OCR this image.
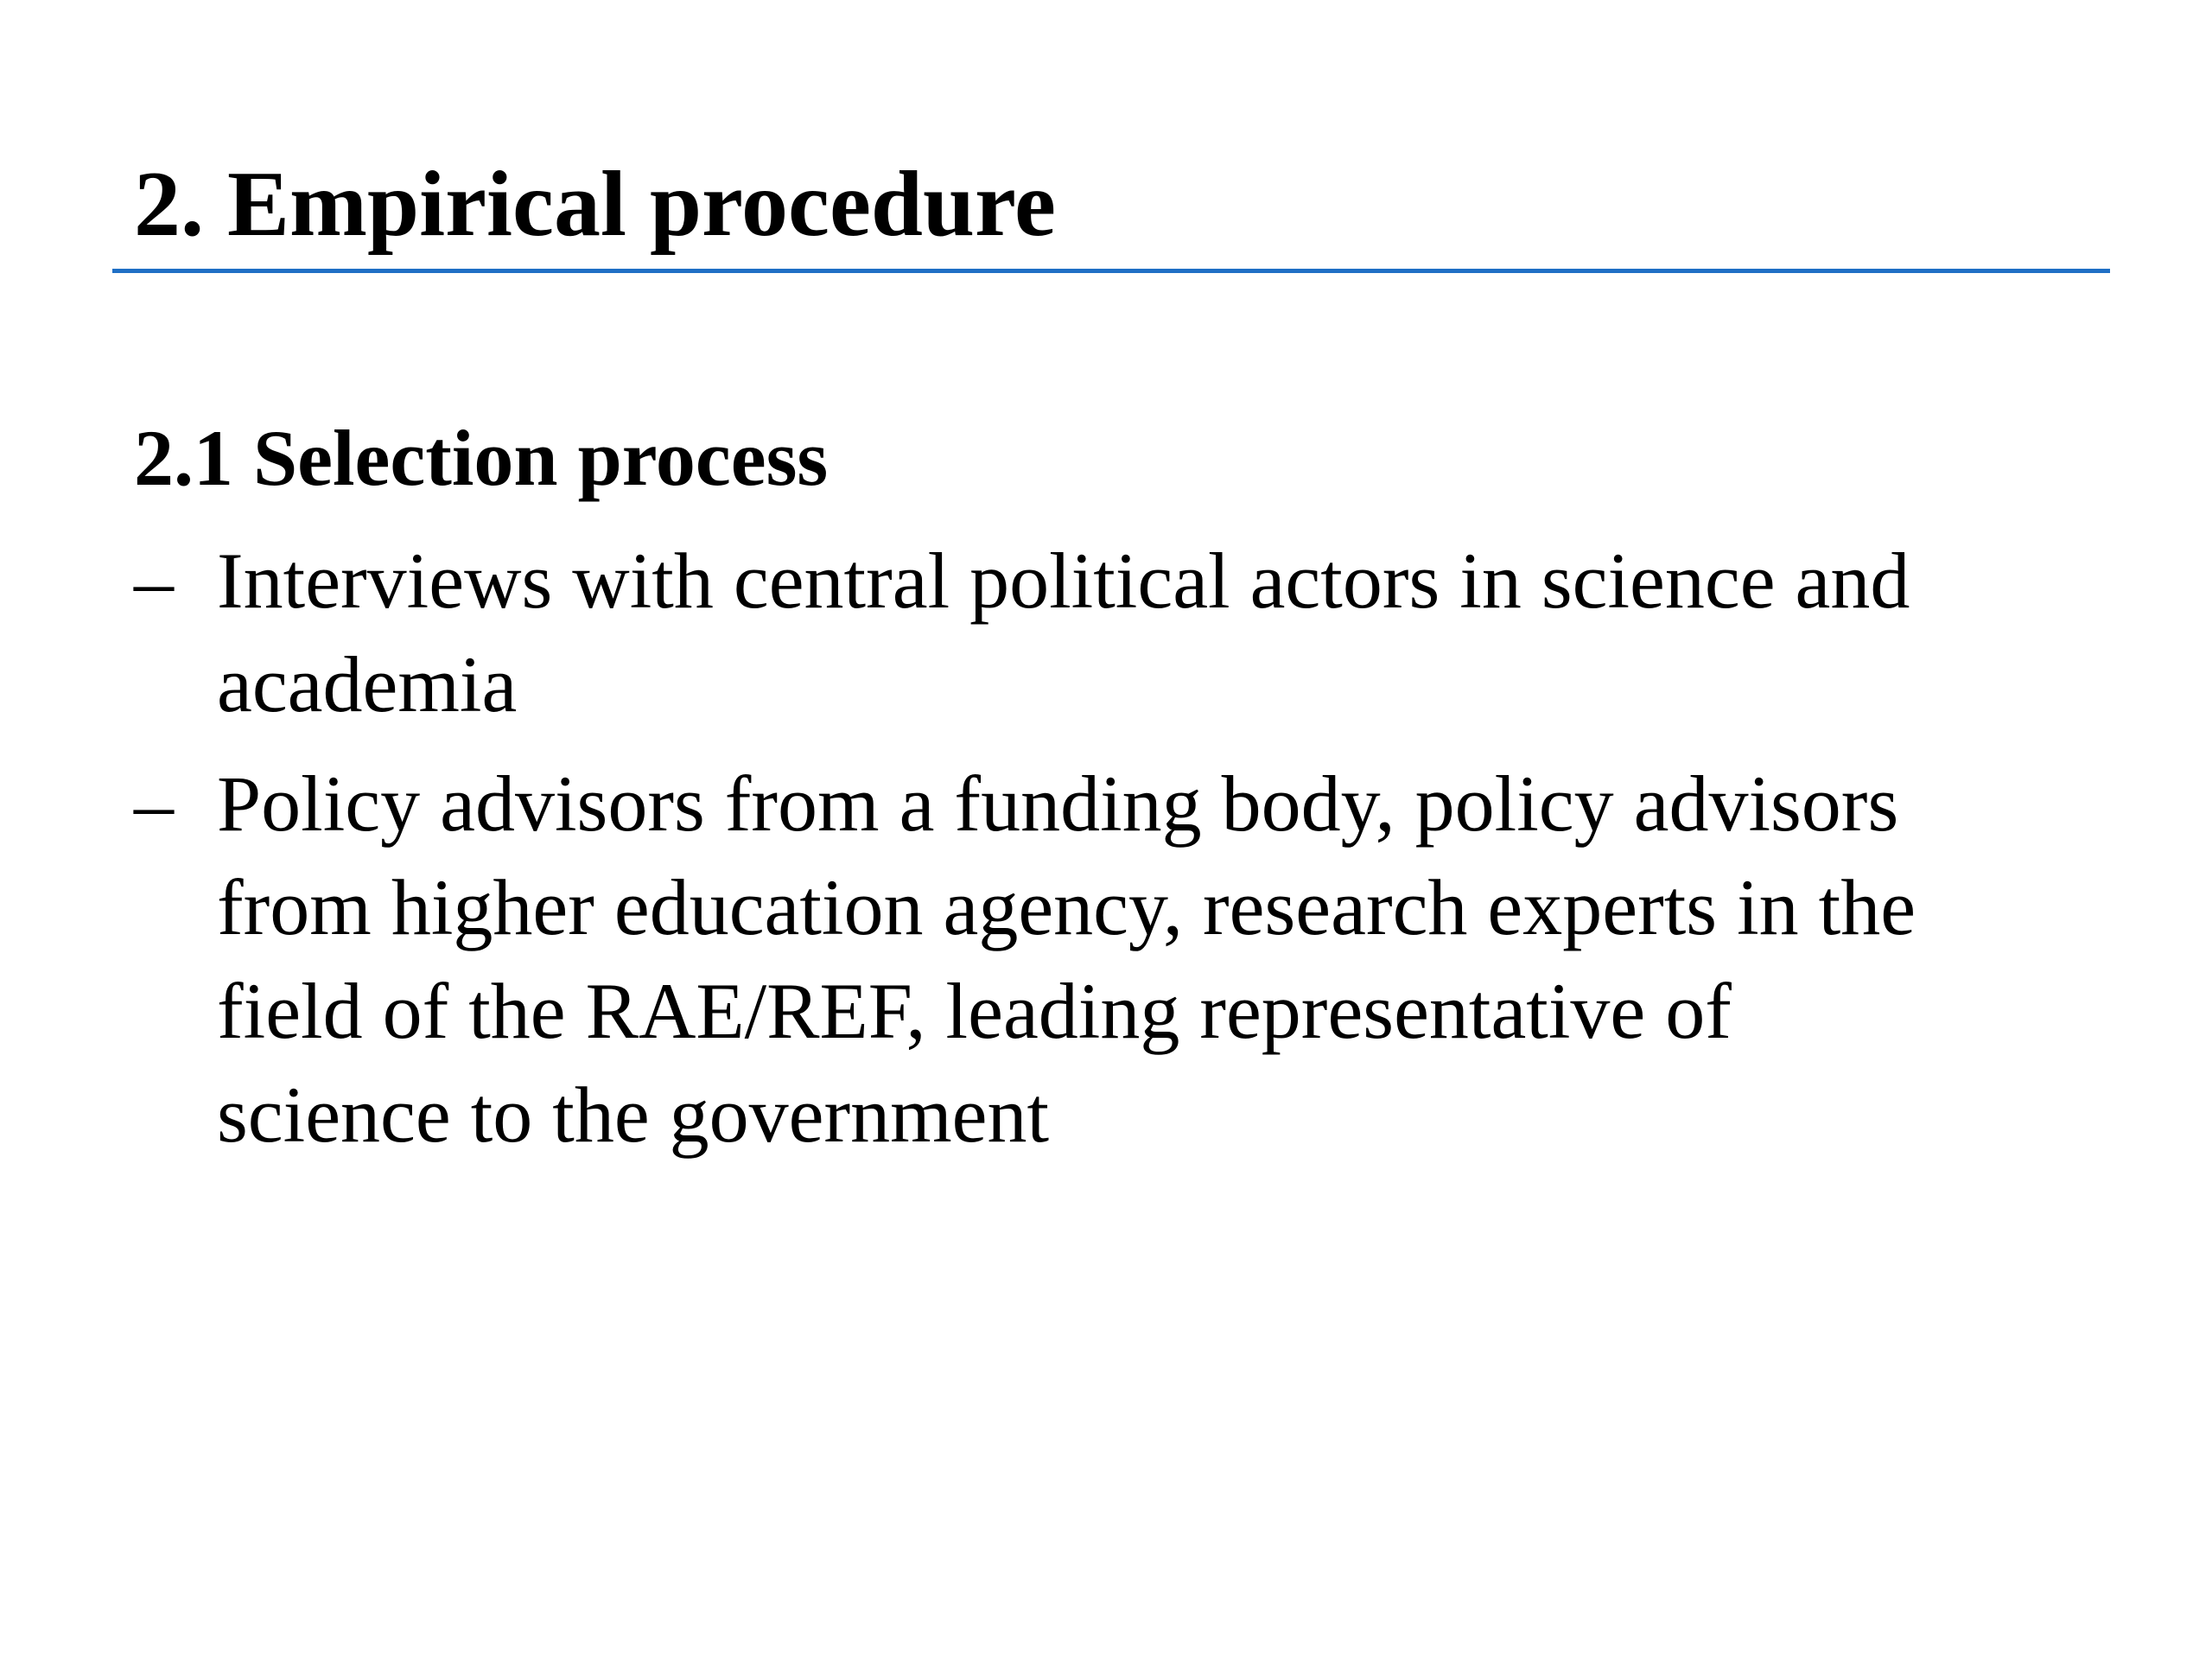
2. Empirical procedure
2.1 Selection process
– Interviews with central political actors in science and
academia
– Policy advisors from a funding body, policy advisors
from higher education agency, research experts in the
field of the RAE/REF, leading representative of
science to the government
